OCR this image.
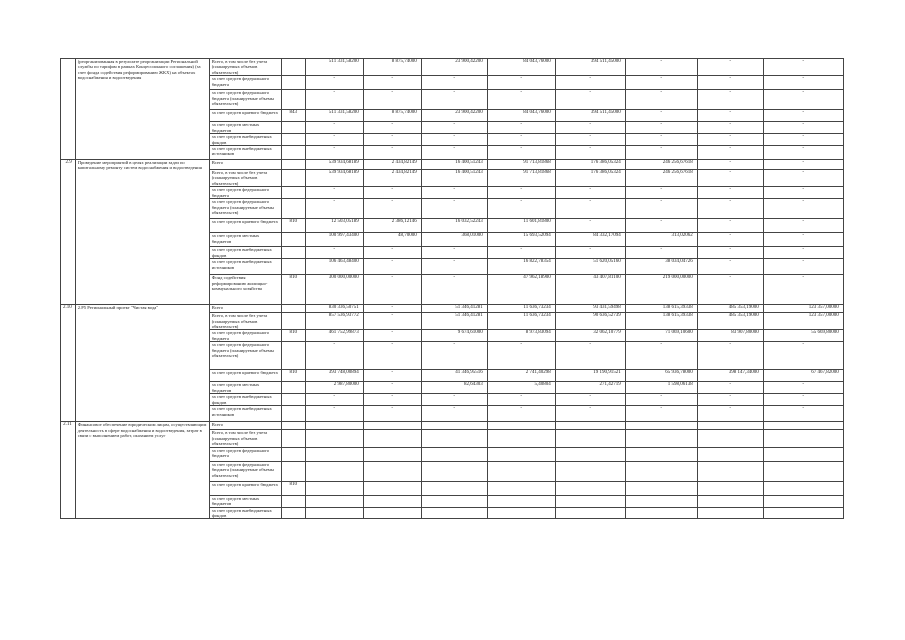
	(реорганизованная в результате реорганизации Региональной службы по тарифам в рамках Концессионного соглашения) (за счет фонда содействия реформированию ЖКХ) на объектах водоснабжения и водоотведения	Всего, в том числе без учета (планируемых объемов обязательств)		511 331,58200	8 875,74000	23 900,42200	84 043,76000	394 511,45000	-	-	-
		за счет средств федерального бюджета		-	-	-	-	-	-	-	-
		за счет средств федерального бюджета (планируемые объемы обязательств)		-	-	-	-	-	-	-	-
		за счет средств краевого бюджета	843	511 331,58200	8 875,74000	23 900,42200	84 043,76000	394 511,45000	-	-	-
		за счет средств местных бюджетов		-	-	-	-	-	-	-	-
		за счет средств внебюджетных фондов		-	-	-	-	-	-	-	-
		за счет средств внебюджетных источников		-	-	-	-	-	-	-	-
2.9	Проведение мероприятий в целях реализации задач по капитальному ремонту систем водоснабжения и водоотведения	Всего		539 934,68189	2 434,82149	16 400,51243	91 713,81868	176 386,05324	246 256,67618	-	-
		Всего, в том числе без учета (планируемых объемов обязательств)		539 934,68189	2 434,82149	16 400,51243	91 713,81868	176 386,05324	246 256,67618	-	-
		за счет средств федерального бюджета		-	-	-	-	-	-	-	-
		за счет средств федерального бюджета (планируемые объемы обязательств)		-	-	-	-	-	-	-	-
		за счет средств краевого бюджета	810	12 503,05189	2 386,12146	16 032,52243	11 601,81800	-	-	-	-
		за счет средств местных бюджетов		100 997,43400	48,70000	368,01000	15 693,52094	84 332,17094	313,02062	-	-
		за счет средств внебюджетных фондов		-	-	-	-	-	-	-	-
		за счет средств внебюджетных источников		106 463,48400	-	-	16 822,78354	51 620,05160	38 034,04726	-	-
		Фонд содействия реформированию жилищно-коммунального хозяйства	810	300 000,00000	-	-	47 962,18900	43 407,81100	219 000,00000	-	-
2.10	2.Р5 Региональный проект "Чистая вода"	Всего		830 336,50751	-	51 346,41281	11 636,73234	93 431,59498	138 615,39338	485 353,19000	123 357,00000
		Всего, в том числе без учета (планируемых объемов обязательств)		857 536,93772	-	51 346,41281	11 636,73234	90 636,52739	138 615,39338	485 353,19000	123 357,00000
		за счет средств федерального бюджета	810	461 752,99873	-	9 674,61000	8 973,83094	32 062,10779	71 069,10600	83 907,80000	55 669,80000
		за счет средств федерального бюджета (планируемые объемы обязательств)		-	-	-	-	-	-	-	-
		за счет средств краевого бюджета	810	393 748,00894	-	41 346,95516	2 741,40298	19 190,91521	65 936,78000	398 147,34000	67 467,82000
		за счет средств местных бюджетов		2 987,80000	-	82,64303	5,40804	271,42719	1 598,06138	-	-
		за счет средств внебюджетных фондов		-	-	-	-	-	-	-	-
		за счет средств внебюджетных источников		-	-	-	-	-	-	-	-
2.11	Финансовое обеспечение юридическим лицам, осуществляющим деятельность в сфере водоснабжения и водоотведения, затрат в связи с выполнением работ, оказанием услуг	Всего									
		Всего, в том числе без учета (планируемых объемов обязательств)									
		за счет средств федерального бюджета									
		за счет средств федерального бюджета (планируемые объемы обязательств)									
		за счет средств краевого бюджета	810								
		за счет средств местных бюджетов									
		за счет средств внебюджетных фондов									
